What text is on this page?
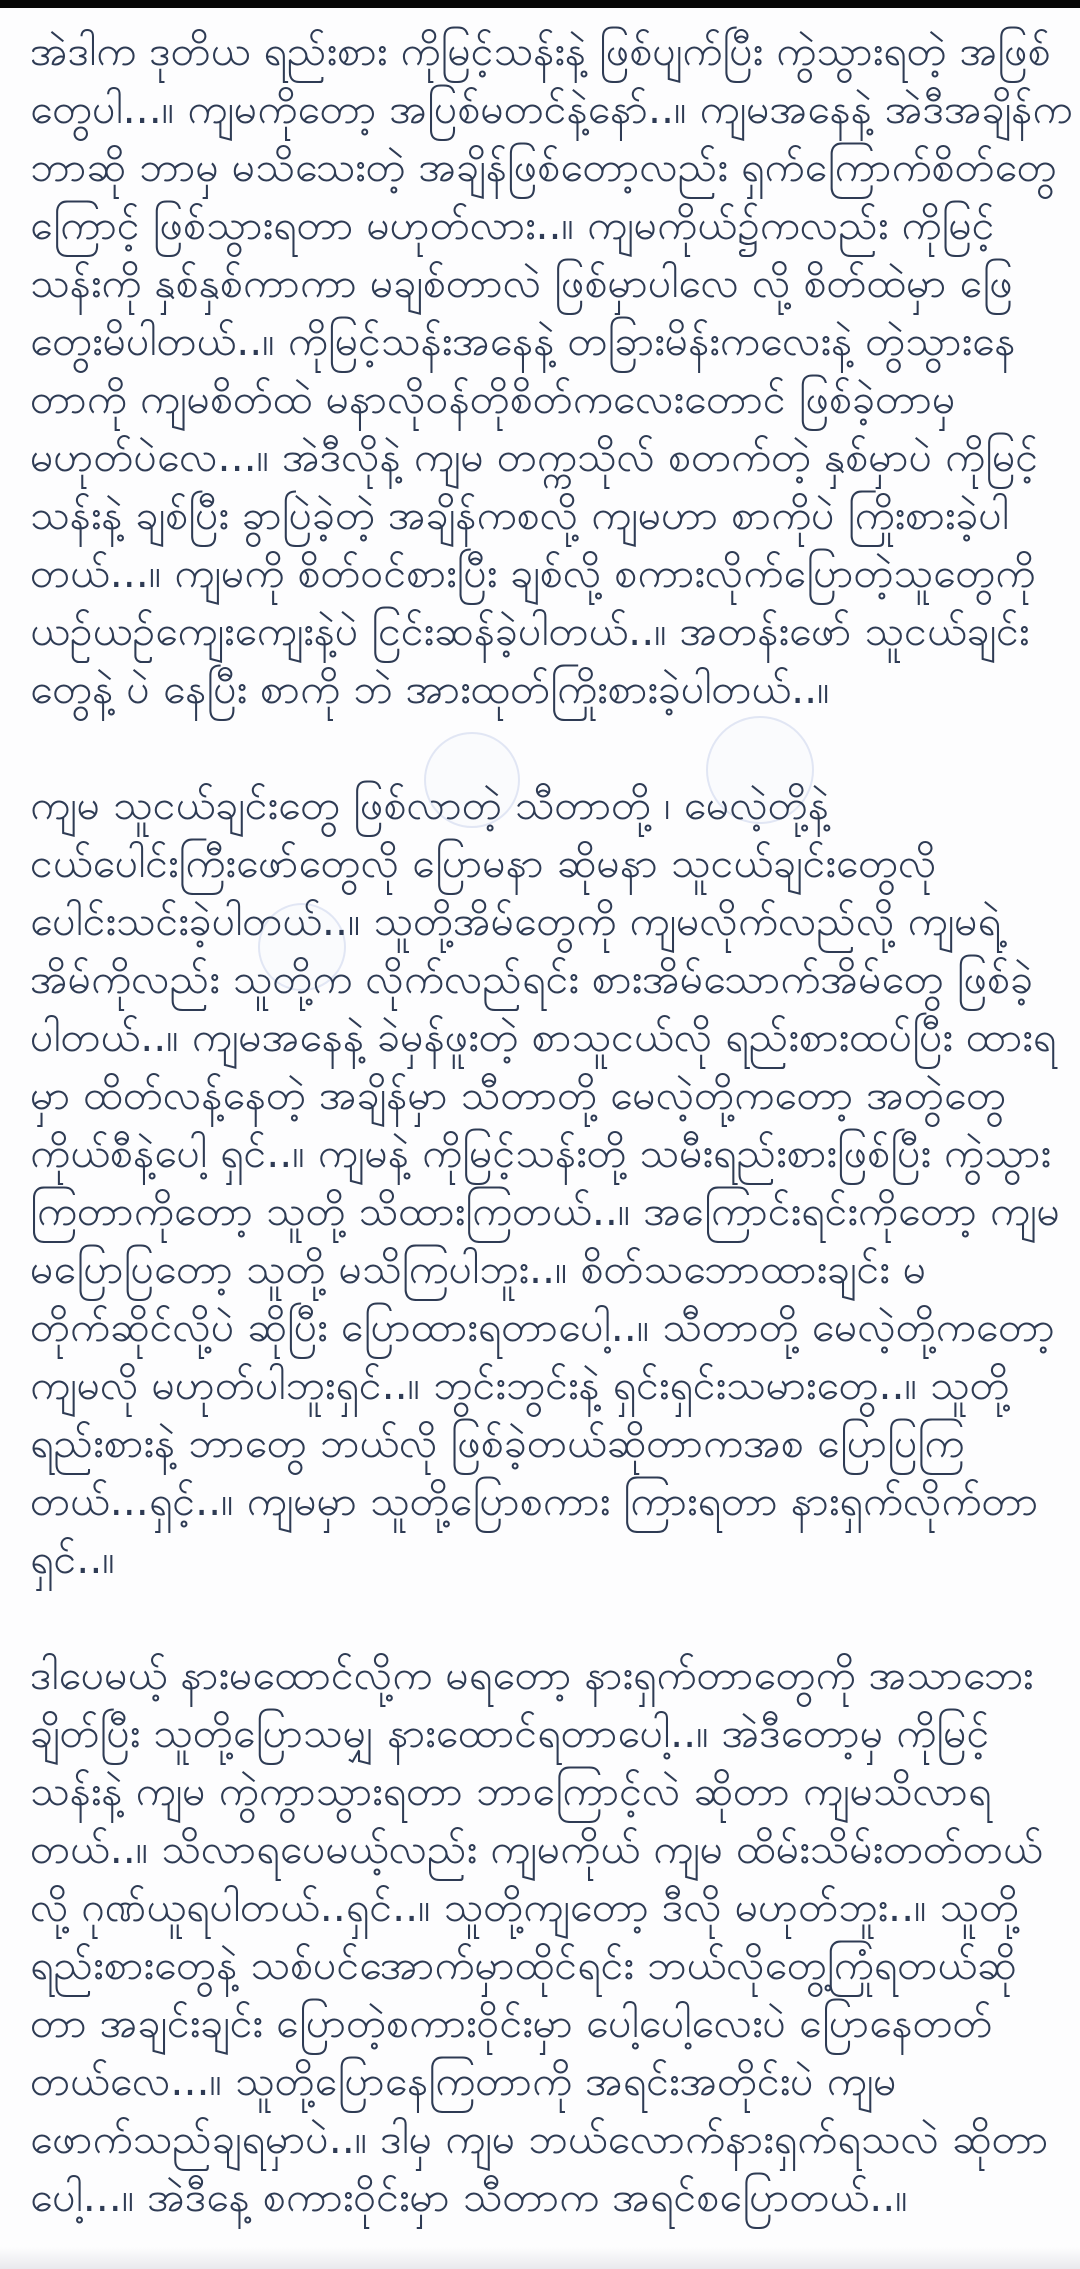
အဲဒါက ဒုတိယ ရည်းစား ကိုမြင့်သန်းနဲ့ ဖြစ်ပျက်ပြီး ကွဲသွားရတဲ့ အဖြစ်
တွေပါ...။ ကျမကိုတော့ အပြစ်မတင်နဲ့နော်..။ ကျမအနေနဲ့ အဲဒီအချိန်က
ဘာဆို ဘာမှ မသိသေးတဲ့ အချိန်ဖြစ်တော့လည်း ရှက်ကြောက်စိတ်တွေ
ကြောင့် ဖြစ်သွားရတာ မဟုတ်လား..။ ကျမကိုယ်၌ကလည်း ကိုမြင့်
သန်းကို နှစ်နှစ်ကာကာ မချစ်တာလဲ ဖြစ်မှာပါလေ လို့ စိတ်ထဲမှာ ဖြေ
တွေးမိပါတယ်..။ ကိုမြင့်သန်းအနေနဲ့ တခြားမိန်းကလေးနဲ့ တွဲသွားနေ
တာကို ကျမစိတ်ထဲ မနာလိုဝန်တိုစိတ်ကလေးတောင် ဖြစ်ခဲ့တာမှ
မဟုတ်ပဲလေ...။ အဲဒီလိုနဲ့ ကျမ တက္ကသိုလ် စတက်တဲ့ နှစ်မှာပဲ ကိုမြင့်
သန်းနဲ့ ချစ်ပြီး ခွာပြဲခဲ့တဲ့ အချိန်ကစလို့ ကျမဟာ စာကိုပဲ ကြိုးစားခဲ့ပါ
တယ်...။ ကျမကို စိတ်ဝင်စားပြီး ချစ်လို့ စကားလိုက်ပြောတဲ့သူတွေကို
ယဉ်ယဉ်ကျေးကျေးနဲ့ပဲ ငြင်းဆန်ခဲ့ပါတယ်..။ အတန်းဖော် သူငယ်ချင်း
တွေနဲ့ ပဲ နေပြီး စာကို ဘဲ အားထုတ်ကြိုးစားခဲ့ပါတယ်..။
ကျမ သူငယ်ချင်းတွေ ဖြစ်လာတဲ့ သီတာတို့ ၊ မေလဲ့တို့နဲ့
ငယ်ပေါင်းကြီးဖော်တွေလို ပြောမနာ ဆိုမနာ သူငယ်ချင်းတွေလို
ပေါင်းသင်းခဲ့ပါတယ်..။ သူတို့အိမ်တွေကို ကျမလိုက်လည်လို့ ကျမရဲ့
အိမ်ကိုလည်း သူတို့က လိုက်လည်ရင်း စားအိမ်သောက်အိမ်တွေ ဖြစ်ခဲ့
ပါတယ်..။ ကျမအနေနဲ့ ခဲမှန်ဖူးတဲ့ စာသူငယ်လို ရည်းစားထပ်ပြီး ထားရ
မှာ ထိတ်လန့်နေတဲ့ အချိန်မှာ သီတာတို့ မေလဲ့တို့ကတော့ အတွဲတွေ
ကိုယ်စီနဲ့ပေါ့ ရှင်..။ ကျမနဲ့ ကိုမြင့်သန်းတို့ သမီးရည်းစားဖြစ်ပြီး ကွဲသွား
ကြတာကိုတော့ သူတို့ သိထားကြတယ်..။ အကြောင်းရင်းကိုတော့ ကျမ
မပြောပြတော့ သူတို့ မသိကြပါဘူး..။ စိတ်သဘောထားချင်း မ
တိုက်ဆိုင်လို့ပဲ ဆိုပြီး ပြောထားရတာပေါ့..။ သီတာတို့ မေလဲ့တို့ကတော့
ကျမလို မဟုတ်ပါဘူးရှင်..။ ဘွင်းဘွင်းနဲ့ ရှင်းရှင်းသမားတွေ..။ သူတို့
ရည်းစားနဲ့ ဘာတွေ ဘယ်လို ဖြစ်ခဲ့တယ်ဆိုတာကအစ ပြောပြကြ
တယ်...ရှင့်..။ ကျမမှာ သူတို့ပြောစကား ကြားရတာ နားရှက်လိုက်တာ
ရှင်..။
ဒါပေမယ့် နားမထောင်လို့က မရတော့ နားရှက်တာတွေကို အသာဘေး
ချိတ်ပြီး သူတို့ပြောသမျှ နားထောင်ရတာပေါ့..။ အဲဒီတော့မှ ကိုမြင့်
သန်းနဲ့ ကျမ ကွဲကွာသွားရတာ ဘာကြောင့်လဲ ဆိုတာ ကျမသိလာရ
တယ်..။ သိလာရပေမယ့်လည်း ကျမကိုယ် ကျမ ထိမ်းသိမ်းတတ်တယ်
လို့ ဂုဏ်ယူရပါတယ်..ရှင်..။ သူတို့ကျတော့ ဒီလို မဟုတ်ဘူး..။ သူတို့
ရည်းစားတွေနဲ့ သစ်ပင်အောက်မှာထိုင်ရင်း ဘယ်လိုတွေ့ကြုံရတယ်ဆို
တာ အချင်းချင်း ပြောတဲ့စကားဝိုင်းမှာ ပေါ့ပေါ့လေးပဲ ပြောနေတတ်
တယ်လေ...။ သူတို့ပြောနေကြတာကို အရင်းအတိုင်းပဲ ကျမ
ဖောက်သည်ချရမှာပဲ..။ ဒါမှ ကျမ ဘယ်လောက်နားရှက်ရသလဲ ဆိုတာ
ပေါ့...။ အဲဒီနေ့ စကားဝိုင်းမှာ သီတာက အရင်စပြောတယ်..။
